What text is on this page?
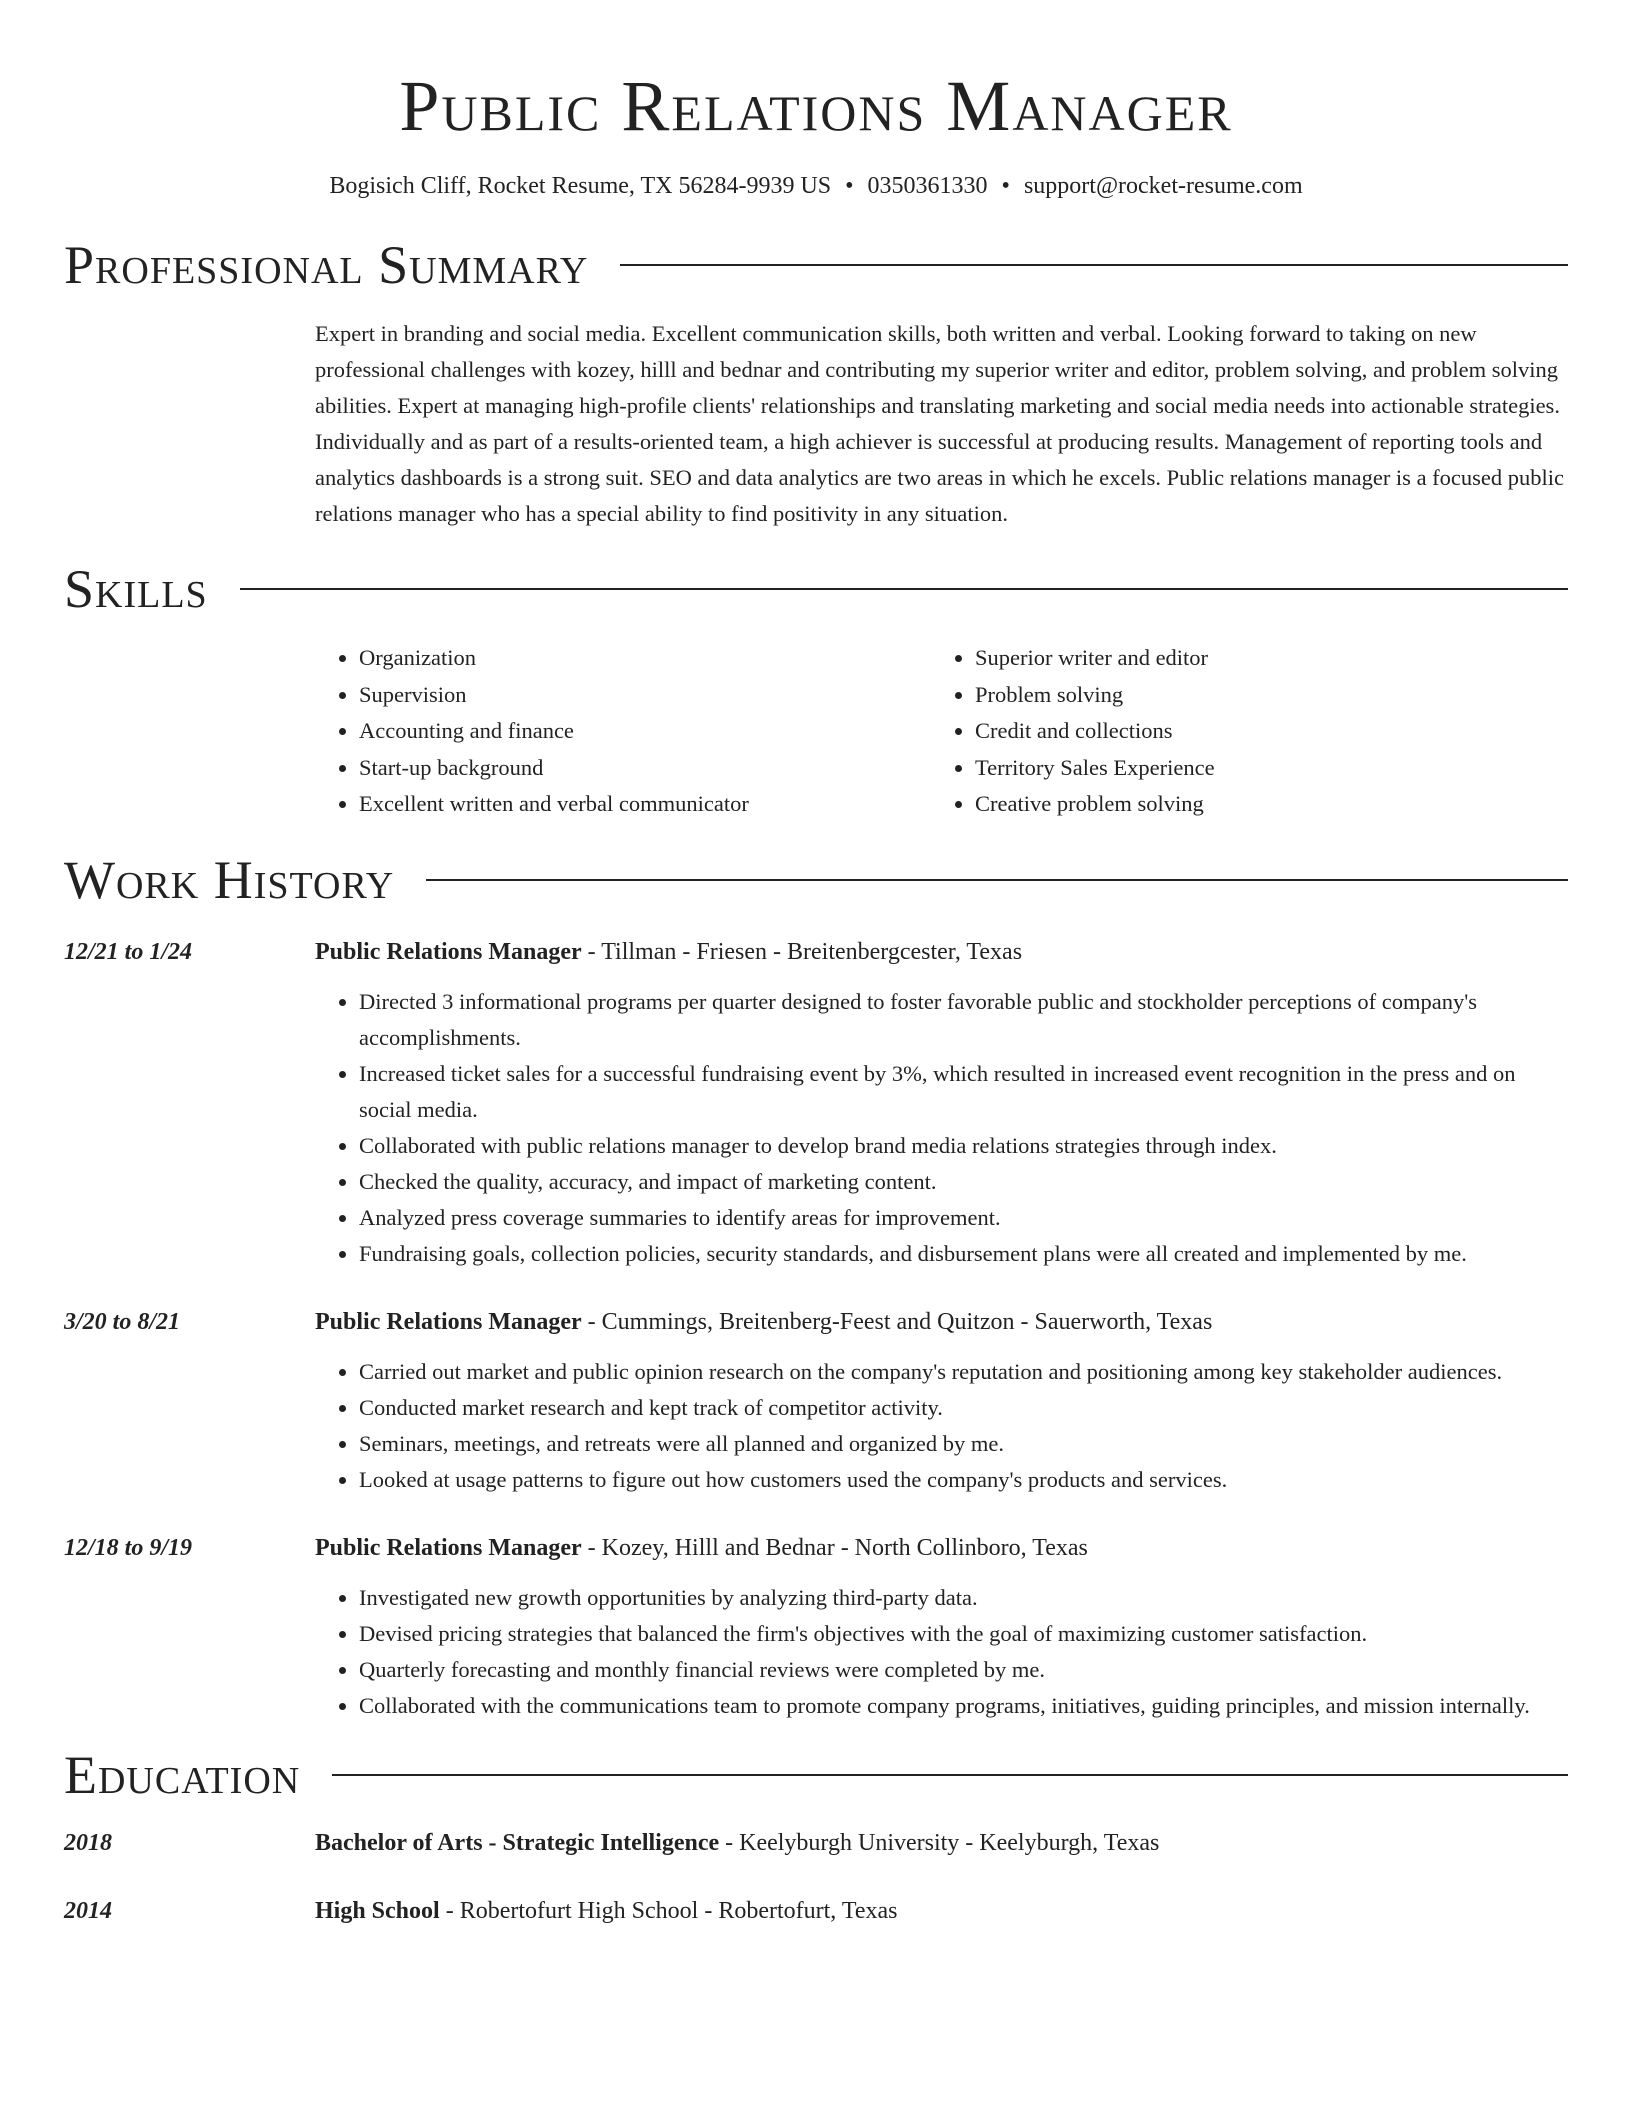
Public Relations Manager
Bogisich Cliff, Rocket Resume, TX 56284-9939 US • 0350361330 • support@rocket-resume.com
Professional Summary
Expert in branding and social media. Excellent communication skills, both written and verbal. Looking forward to taking on new professional challenges with kozey, hilll and bednar and contributing my superior writer and editor, problem solving, and problem solving abilities. Expert at managing high-profile clients' relationships and translating marketing and social media needs into actionable strategies. Individually and as part of a results-oriented team, a high achiever is successful at producing results. Management of reporting tools and analytics dashboards is a strong suit. SEO and data analytics are two areas in which he excels. Public relations manager is a focused public relations manager who has a special ability to find positivity in any situation.
Skills
• Organization
• Supervision
• Accounting and finance
• Start-up background
• Excellent written and verbal communicator
• Superior writer and editor
• Problem solving
• Credit and collections
• Territory Sales Experience
• Creative problem solving
Work History
12/21 to 1/24	Public Relations Manager - Tillman - Friesen - Breitenbergcester, Texas
• Directed 3 informational programs per quarter designed to foster favorable public and stockholder perceptions of company's accomplishments.
• Increased ticket sales for a successful fundraising event by 3%, which resulted in increased event recognition in the press and on social media.
• Collaborated with public relations manager to develop brand media relations strategies through index.
• Checked the quality, accuracy, and impact of marketing content.
• Analyzed press coverage summaries to identify areas for improvement.
• Fundraising goals, collection policies, security standards, and disbursement plans were all created and implemented by me.
3/20 to 8/21	Public Relations Manager - Cummings, Breitenberg-Feest and Quitzon - Sauerworth, Texas
• Carried out market and public opinion research on the company's reputation and positioning among key stakeholder audiences.
• Conducted market research and kept track of competitor activity.
• Seminars, meetings, and retreats were all planned and organized by me.
• Looked at usage patterns to figure out how customers used the company's products and services.
12/18 to 9/19	Public Relations Manager - Kozey, Hilll and Bednar - North Collinboro, Texas
• Investigated new growth opportunities by analyzing third-party data.
• Devised pricing strategies that balanced the firm's objectives with the goal of maximizing customer satisfaction.
• Quarterly forecasting and monthly financial reviews were completed by me.
• Collaborated with the communications team to promote company programs, initiatives, guiding principles, and mission internally.
Education
2018	Bachelor of Arts - Strategic Intelligence - Keelyburgh University - Keelyburgh, Texas
2014	High School - Robertofurt High School - Robertofurt, Texas
